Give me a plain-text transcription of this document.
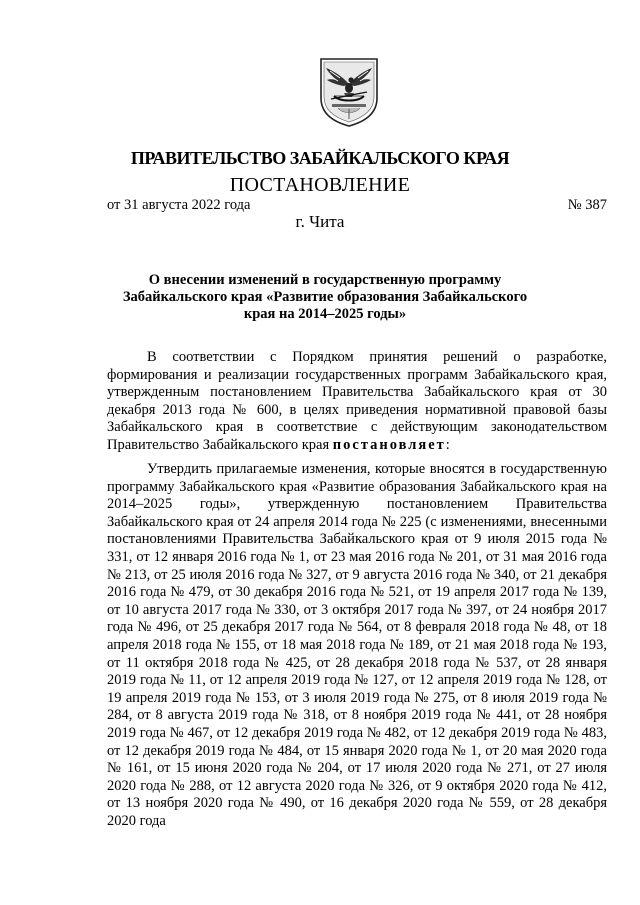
ПРАВИТЕЛЬСТВО ЗАБАЙКАЛЬСКОГО КРАЯ
ПОСТАНОВЛЕНИЕ
от 31 августа 2022 года	№ 387
г. Чита
О внесении изменений в государственную программу Забайкальского края «Развитие образования Забайкальского края на 2014–2025 годы»

В соответствии с Порядком принятия решений о разработке, формирования и реализации государственных программ Забайкальского края, утвержденным постановлением Правительства Забайкальского края от 30 декабря 2013 года № 600, в целях приведения нормативной правовой базы Забайкальского края в соответствие с действующим законодательством Правительство Забайкальского края постановляет:

Утвердить прилагаемые изменения, которые вносятся в государственную программу Забайкальского края «Развитие образования Забайкальского края на 2014–2025 годы», утвержденную постановлением Правительства Забайкальского края от 24 апреля 2014 года № 225 (с изменениями, внесенными постановлениями Правительства Забайкальского края от 9 июля 2015 года № 331, от 12 января 2016 года № 1, от 23 мая 2016 года № 201, от 31 мая 2016 года № 213, от 25 июля 2016 года № 327, от 9 августа 2016 года № 340, от 21 декабря 2016 года № 479, от 30 декабря 2016 года № 521, от 19 апреля 2017 года № 139, от 10 августа 2017 года № 330, от 3 октября 2017 года № 397, от 24 ноября 2017 года № 496, от 25 декабря 2017 года № 564, от 8 февраля 2018 года № 48, от 18 апреля 2018 года № 155, от 18 мая 2018 года № 189, от 21 мая 2018 года № 193, от 11 октября 2018 года № 425, от 28 декабря 2018 года № 537, от 28 января 2019 года № 11, от 12 апреля 2019 года № 127, от 12 апреля 2019 года № 128, от 19 апреля 2019 года № 153, от 3 июля 2019 года № 275, от 8 июля 2019 года № 284, от 8 августа 2019 года № 318, от 8 ноября 2019 года № 441, от 28 ноября 2019 года № 467, от 12 декабря 2019 года № 482, от 12 декабря 2019 года № 483, от 12 декабря 2019 года № 484, от 15 января 2020 года № 1, от 20 мая 2020 года № 161, от 15 июня 2020 года № 204, от 17 июля 2020 года № 271, от 27 июля 2020 года № 288, от 12 августа 2020 года № 326, от 9 октября 2020 года № 412, от 13 ноября 2020 года № 490, от 16 декабря 2020 года № 559, от 28 декабря 2020 года
